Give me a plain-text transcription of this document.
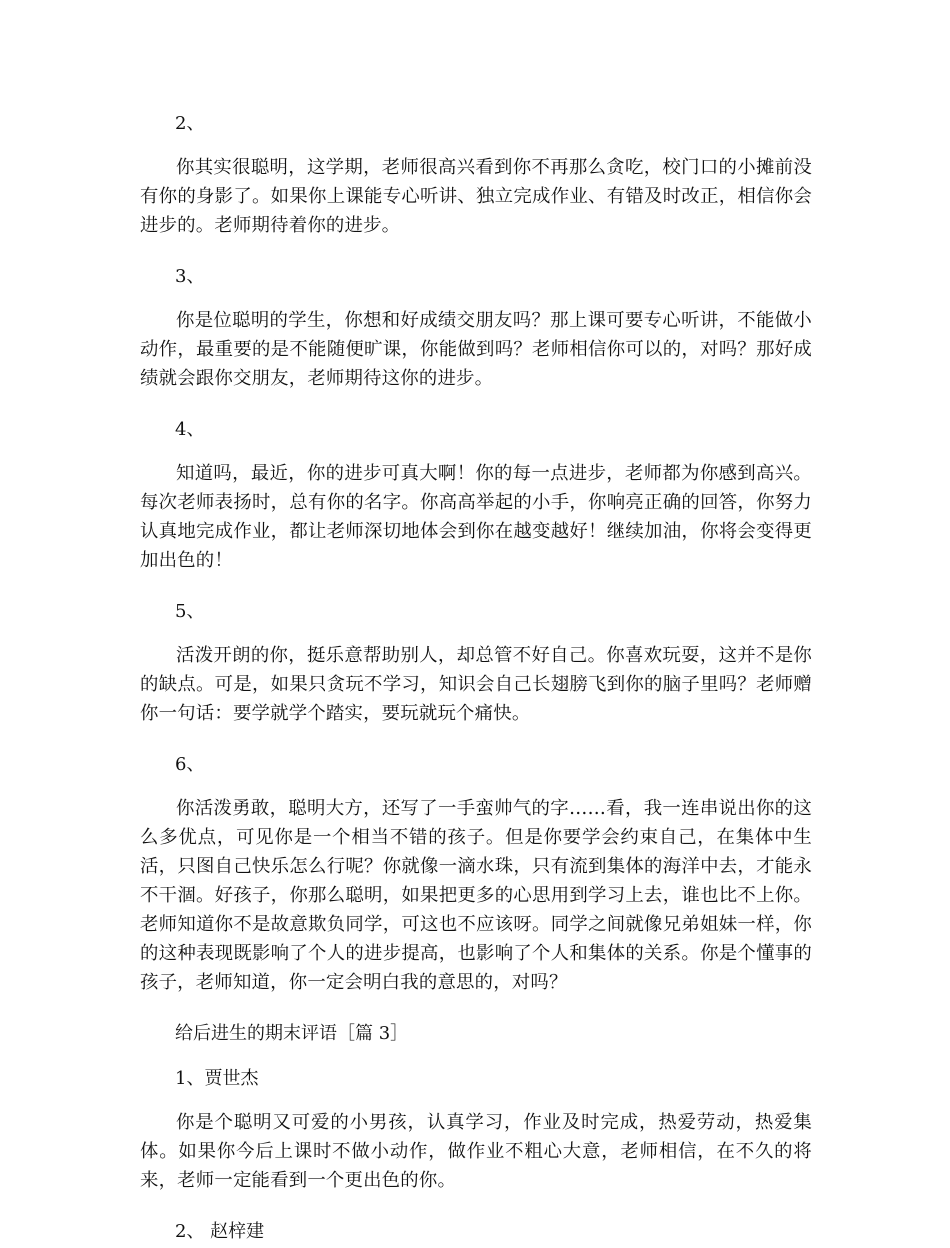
2、

你其实很聪明，这学期，老师很高兴看到你不再那么贪吃，校门口的小摊前没有你的身影了。如果你上课能专心听讲、独立完成作业、有错及时改正，相信你会进步的。老师期待着你的进步。

3、

你是位聪明的学生，你想和好成绩交朋友吗？那上课可要专心听讲，不能做小动作，最重要的是不能随便旷课，你能做到吗？老师相信你可以的，对吗？那好成绩就会跟你交朋友，老师期待这你的进步。

4、

知道吗，最近，你的进步可真大啊！你的每一点进步，老师都为你感到高兴。每次老师表扬时，总有你的名字。你高高举起的小手，你响亮正确的回答，你努力认真地完成作业，都让老师深切地体会到你在越变越好！继续加油，你将会变得更加出色的！

5、

活泼开朗的你，挺乐意帮助别人，却总管不好自己。你喜欢玩耍，这并不是你的缺点。可是，如果只贪玩不学习，知识会自己长翅膀飞到你的脑子里吗？老师赠你一句话：要学就学个踏实，要玩就玩个痛快。

6、

你活泼勇敢，聪明大方，还写了一手蛮帅气的字……看，我一连串说出你的这么多优点，可见你是一个相当不错的孩子。但是你要学会约束自己，在集体中生活，只图自己快乐怎么行呢？你就像一滴水珠，只有流到集体的海洋中去，才能永不干涸。好孩子，你那么聪明，如果把更多的心思用到学习上去，谁也比不上你。老师知道你不是故意欺负同学，可这也不应该呀。同学之间就像兄弟姐妹一样，你的这种表现既影响了个人的进步提高，也影响了个人和集体的关系。你是个懂事的孩子，老师知道，你一定会明白我的意思的，对吗？

给后进生的期末评语［篇 3］

1、贾世杰

你是个聪明又可爱的小男孩，认真学习，作业及时完成，热爱劳动，热爱集体。如果你今后上课时不做小动作，做作业不粗心大意，老师相信，在不久的将来，老师一定能看到一个更出色的你。

2、 赵梓建
